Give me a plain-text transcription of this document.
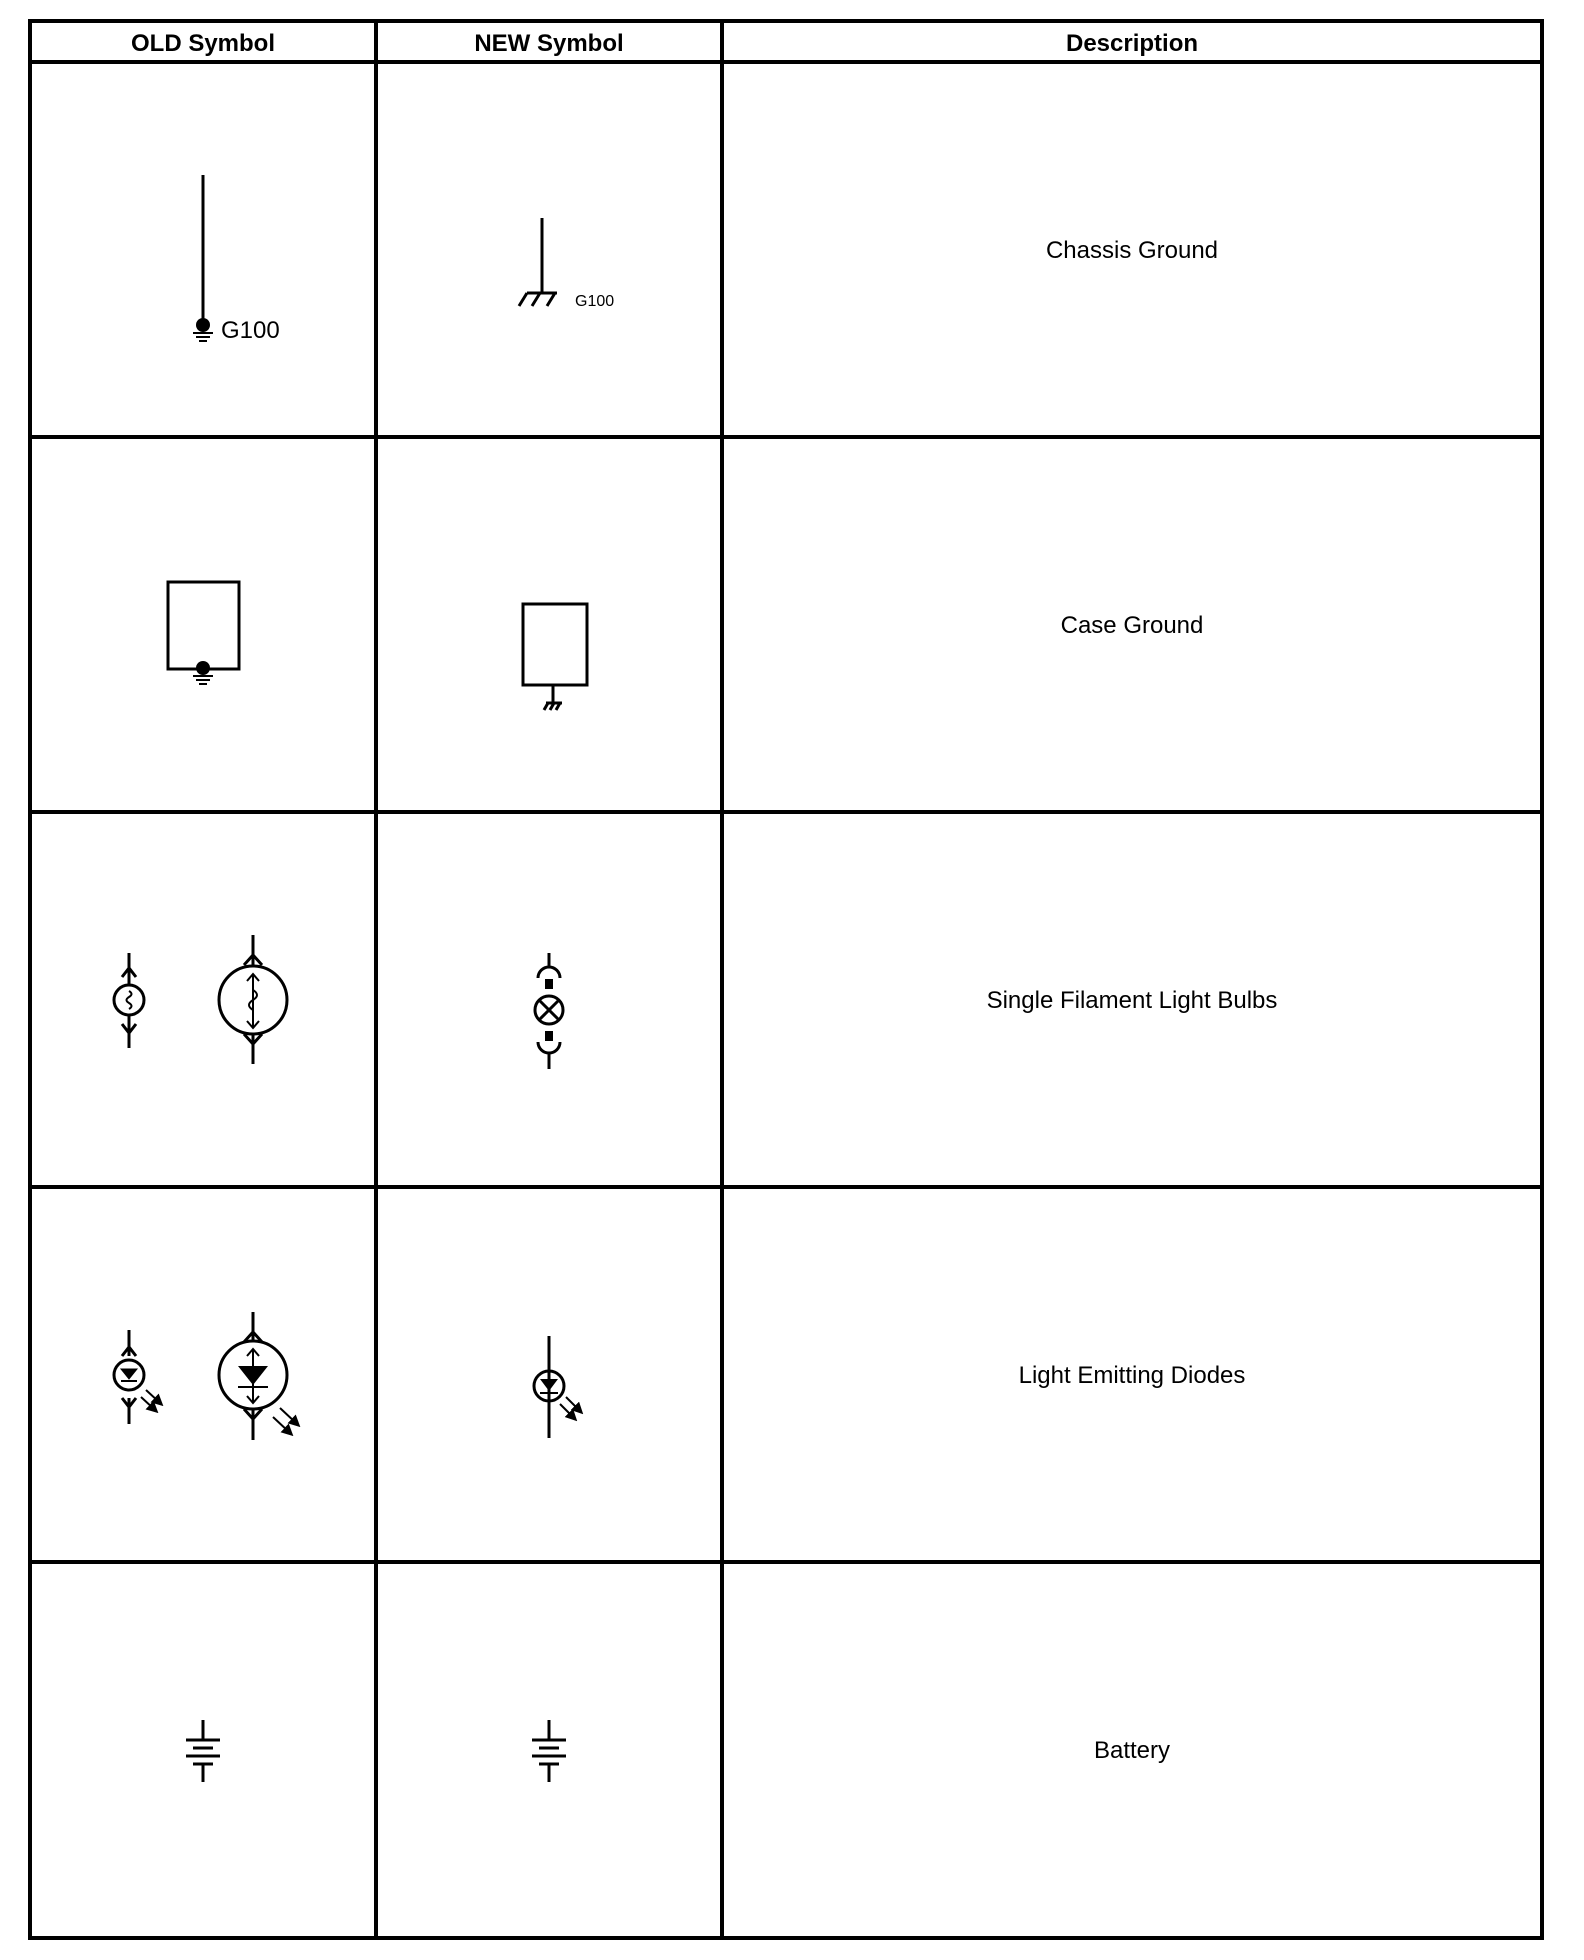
OLD Symbol	NEW Symbol	Description
Chassis Ground
Case Ground
Single Filament Light Bulbs
Light Emitting Diodes
Battery
G100
G100
